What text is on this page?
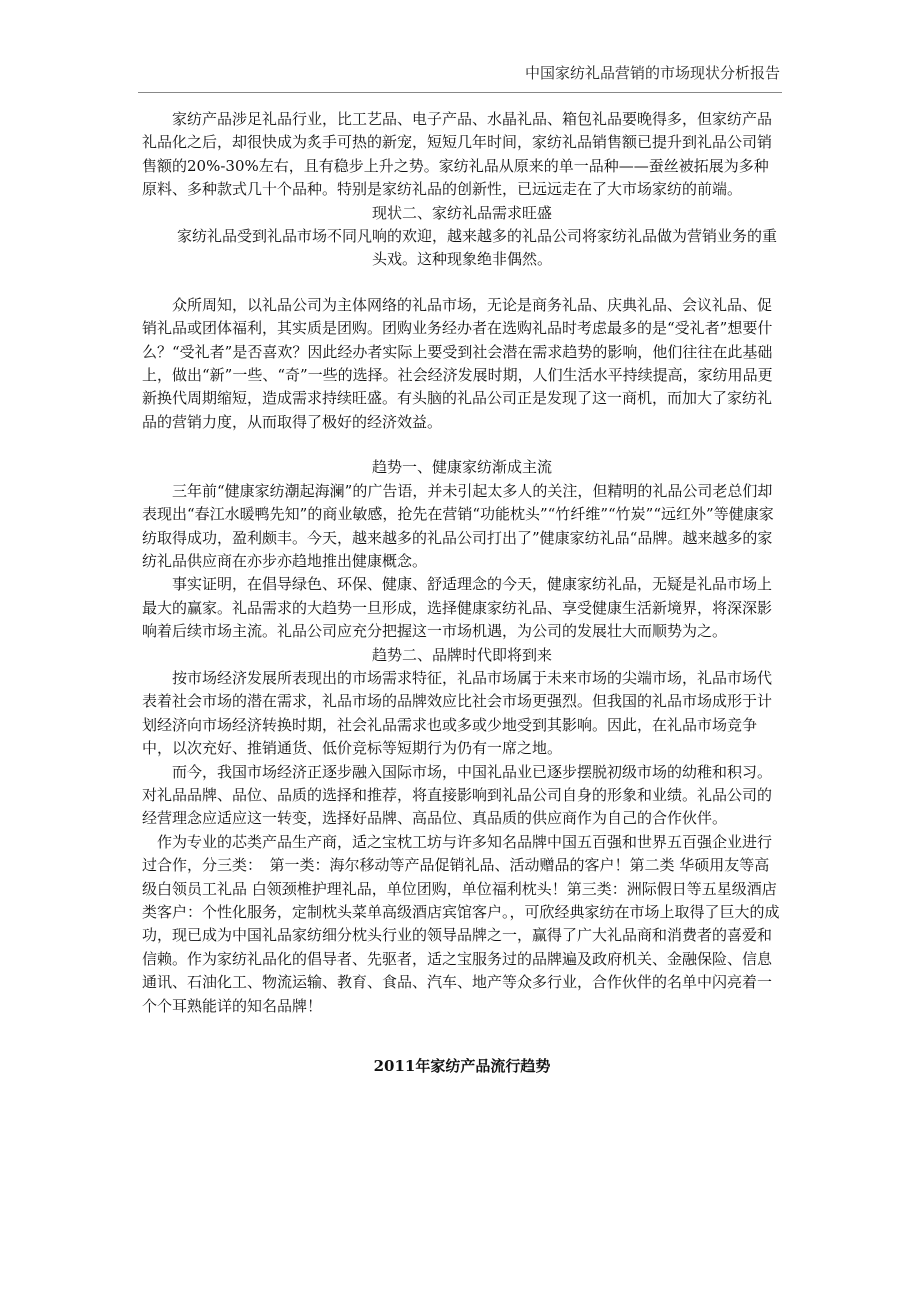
中国家纺礼品营销的市场现状分析报告

　　家纺产品涉足礼品行业，比工艺品、电子产品、水晶礼品、箱包礼品要晚得多，但家纺产品礼品化之后，却很快成为炙手可热的新宠，短短几年时间，家纺礼品销售额已提升到礼品公司销售额的20%-30%左右，且有稳步上升之势。家纺礼品从原来的单一品种——蚕丝被拓展为多种原料、多种款式几十个品种。特别是家纺礼品的创新性，已远远走在了大市场家纺的前端。

现状二、家纺礼品需求旺盛

　　家纺礼品受到礼品市场不同凡响的欢迎，越来越多的礼品公司将家纺礼品做为营销业务的重头戏。这种现象绝非偶然。

　　众所周知，以礼品公司为主体网络的礼品市场，无论是商务礼品、庆典礼品、会议礼品、促销礼品或团体福利，其实质是团购。团购业务经办者在选购礼品时考虑最多的是“受礼者”想要什么？“受礼者”是否喜欢？因此经办者实际上要受到社会潜在需求趋势的影响，他们往往在此基础上，做出“新”一些、“奇”一些的选择。社会经济发展时期，人们生活水平持续提高，家纺用品更新换代周期缩短，造成需求持续旺盛。有头脑的礼品公司正是发现了这一商机，而加大了家纺礼品的营销力度，从而取得了极好的经济效益。

趋势一、健康家纺渐成主流

　　三年前“健康家纺潮起海澜”的广告语，并未引起太多人的关注，但精明的礼品公司老总们却表现出“春江水暖鸭先知”的商业敏感，抢先在营销“功能枕头”“竹纤维”“竹炭”“远红外”等健康家纺取得成功，盈利颇丰。今天，越来越多的礼品公司打出了”健康家纺礼品“品牌。越来越多的家纺礼品供应商在亦步亦趋地推出健康概念。

　　事实证明，在倡导绿色、环保、健康、舒适理念的今天，健康家纺礼品，无疑是礼品市场上最大的赢家。礼品需求的大趋势一旦形成，选择健康家纺礼品、享受健康生活新境界，将深深影响着后续市场主流。礼品公司应充分把握这一市场机遇，为公司的发展壮大而顺势为之。

趋势二、品牌时代即将到来

　　按市场经济发展所表现出的市场需求特征，礼品市场属于未来市场的尖端市场，礼品市场代表着社会市场的潜在需求，礼品市场的品牌效应比社会市场更强烈。但我国的礼品市场成形于计划经济向市场经济转换时期，社会礼品需求也或多或少地受到其影响。因此，在礼品市场竞争中，以次充好、推销通货、低价竞标等短期行为仍有一席之地。

　　而今，我国市场经济正逐步融入国际市场，中国礼品业已逐步摆脱初级市场的幼稚和积习。对礼品品牌、品位、品质的选择和推荐，将直接影响到礼品公司自身的形象和业绩。礼品公司的经营理念应适应这一转变，选择好品牌、高品位、真品质的供应商作为自己的合作伙伴。

　作为专业的芯类产品生产商，适之宝枕工坊与许多知名品牌中国五百强和世界五百强企业进行过合作，分三类：　第一类：海尔移动等产品促销礼品、活动赠品的客户！第二类 华硕用友等高级白领员工礼品 白领颈椎护理礼品，单位团购，单位福利枕头！第三类：洲际假日等五星级酒店类客户：个性化服务，定制枕头菜单高级酒店宾馆客户。，可欣经典家纺在市场上取得了巨大的成功，现已成为中国礼品家纺细分枕头行业的领导品牌之一，赢得了广大礼品商和消费者的喜爱和信赖。作为家纺礼品化的倡导者、先驱者，适之宝服务过的品牌遍及政府机关、金融保险、信息通讯、石油化工、物流运输、教育、食品、汽车、地产等众多行业，合作伙伴的名单中闪亮着一个个耳熟能详的知名品牌！

2011年家纺产品流行趋势
